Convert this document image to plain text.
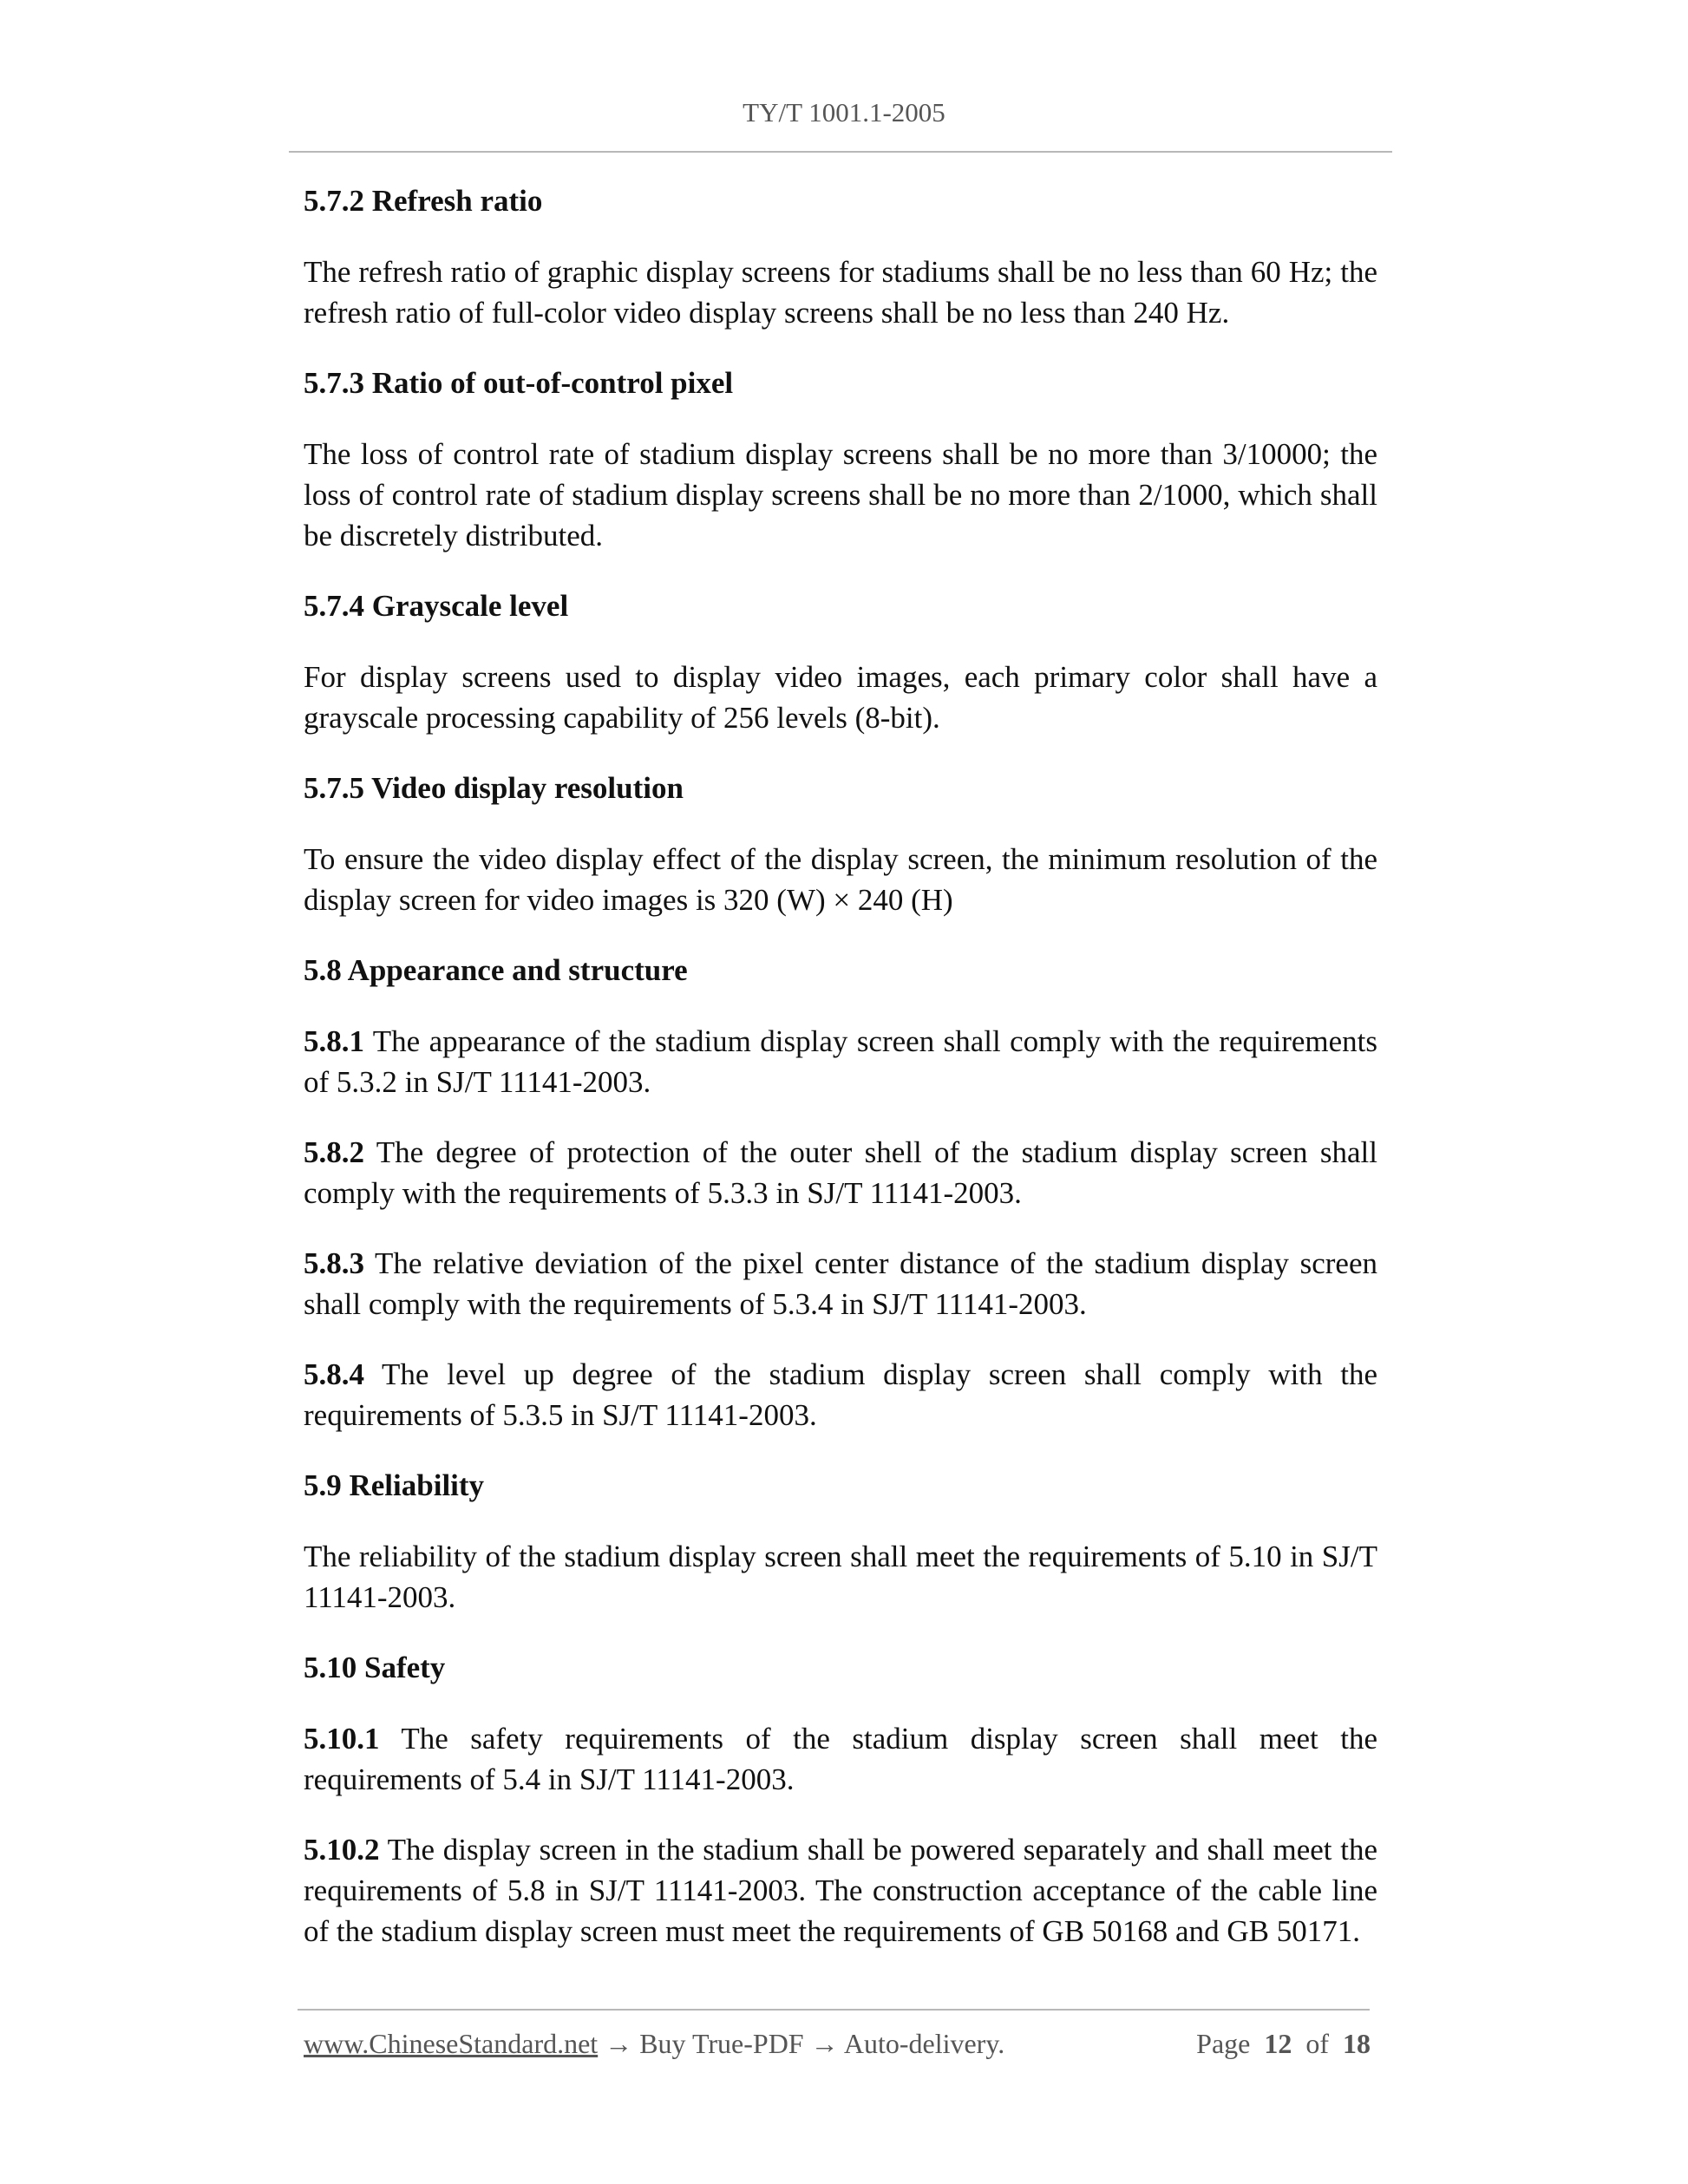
TY/T 1001.1-2005
5.7.2 Refresh ratio
The refresh ratio of graphic display screens for stadiums shall be no less than 60 Hz; the refresh ratio of full-color video display screens shall be no less than 240 Hz.
5.7.3 Ratio of out-of-control pixel
The loss of control rate of stadium display screens shall be no more than 3/10000; the loss of control rate of stadium display screens shall be no more than 2/1000, which shall be discretely distributed.
5.7.4 Grayscale level
For display screens used to display video images, each primary color shall have a grayscale processing capability of 256 levels (8-bit).
5.7.5 Video display resolution
To ensure the video display effect of the display screen, the minimum resolution of the display screen for video images is 320 (W) × 240 (H)
5.8 Appearance and structure
5.8.1 The appearance of the stadium display screen shall comply with the requirements of 5.3.2 in SJ/T 11141-2003.
5.8.2 The degree of protection of the outer shell of the stadium display screen shall comply with the requirements of 5.3.3 in SJ/T 11141-2003.
5.8.3 The relative deviation of the pixel center distance of the stadium display screen shall comply with the requirements of 5.3.4 in SJ/T 11141-2003.
5.8.4 The level up degree of the stadium display screen shall comply with the requirements of 5.3.5 in SJ/T 11141-2003.
5.9 Reliability
The reliability of the stadium display screen shall meet the requirements of 5.10 in SJ/T 11141-2003.
5.10 Safety
5.10.1 The safety requirements of the stadium display screen shall meet the requirements of 5.4 in SJ/T 11141-2003.
5.10.2 The display screen in the stadium shall be powered separately and shall meet the requirements of 5.8 in SJ/T 11141-2003. The construction acceptance of the cable line of the stadium display screen must meet the requirements of GB 50168 and GB 50171.
www.ChineseStandard.net → Buy True-PDF → Auto-delivery.	Page 12 of 18
